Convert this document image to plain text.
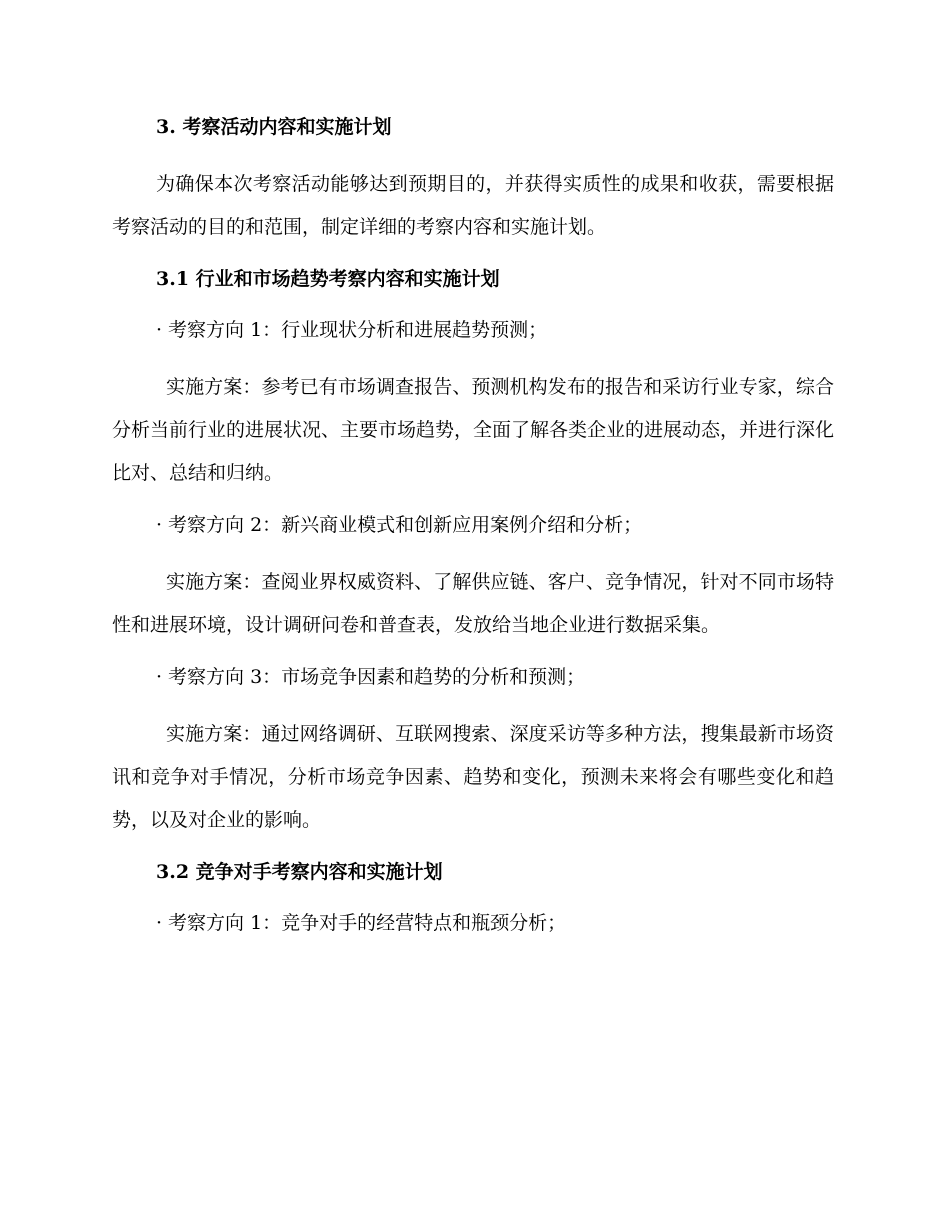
3. 考察活动内容和实施计划

为确保本次考察活动能够达到预期目的，并获得实质性的成果和收获，需要根据考察活动的目的和范围，制定详细的考察内容和实施计划。

3.1 行业和市场趋势考察内容和实施计划
· 考察方向 1：行业现状分析和进展趋势预测；

实施方案：参考已有市场调查报告、预测机构发布的报告和采访行业专家，综合分析当前行业的进展状况、主要市场趋势，全面了解各类企业的进展动态，并进行深化比对、总结和归纳。

· 考察方向 2：新兴商业模式和创新应用案例介绍和分析；

实施方案：查阅业界权威资料、了解供应链、客户、竞争情况，针对不同市场特性和进展环境，设计调研问卷和普查表，发放给当地企业进行数据采集。

· 考察方向 3：市场竞争因素和趋势的分析和预测；

实施方案：通过网络调研、互联网搜索、深度采访等多种方法，搜集最新市场资讯和竞争对手情况，分析市场竞争因素、趋势和变化，预测未来将会有哪些变化和趋势，以及对企业的影响。

3.2 竞争对手考察内容和实施计划
· 考察方向 1：竞争对手的经营特点和瓶颈分析；
